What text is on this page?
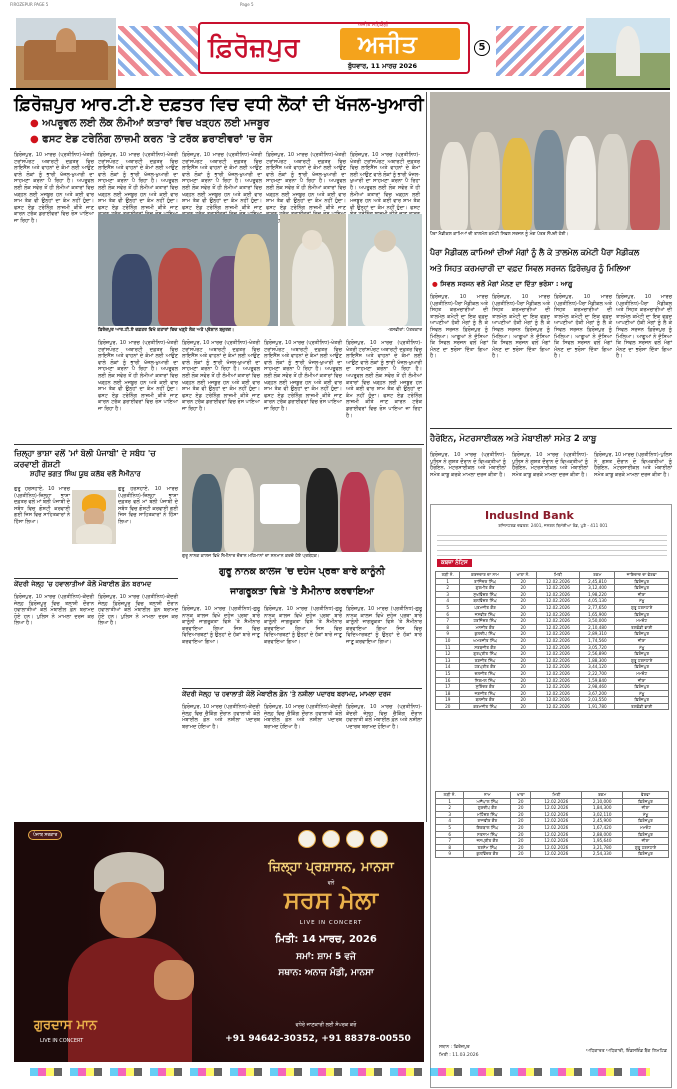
FIROZEPUR PAGE 5	Page 5
ਫ਼ਿਰੋਜ਼ਪੁਰ ਅਜੀਤ
ਅਜੀਤ ਸਹਿਯੋਗੀ
ਬੁੱਧਵਾਰ, 11 ਮਾਰਚ 2026
5
ਫ਼ਿਰੋਜ਼ਪੁਰ ਆਰ.ਟੀ.ਏ ਦਫ਼ਤਰ ਵਿਚ ਵਧੀ ਲੋਕਾਂ ਦੀ ਖੱਜਲ-ਖੁਆਰੀ
● ਅਪਰੂਵਲ ਲਈ ਲੋਕ ਲੰਮੀਆਂ ਕਤਾਰਾਂ ਵਿਚ ਖੜ੍ਹਨ ਲਈ ਮਜਬੂਰ
● ਫਸਟ ਏਡ ਟਰੇਨਿੰਗ ਲਾਜ਼ਮੀ ਕਰਨ 'ਤੇ ਟਰੱਕ ਡਰਾਈਵਰਾਂ 'ਚ ਰੋਸ
ਫ਼ਿਰੋਜ਼ਪੁਰ, 10 ਮਾਰਚ (ਪ੍ਰਤੀਨਿਧ)-ਖੇਤਰੀ ਟਰਾਂਸਪੋਰਟ ਅਥਾਰਟੀ ਦਫ਼ਤਰ ਵਿਚ ਲਾਇਸੈਂਸ ਅਤੇ ਵਾਹਨਾਂ ਦੇ ਕੰਮਾਂ ਲਈ ਆਉਣ ਵਾਲੇ ਲੋਕਾਂ ਨੂੰ ਭਾਰੀ ਖੱਜਲ-ਖੁਆਰੀ ਦਾ ਸਾਹਮਣਾ ਕਰਨਾ ਪੈ ਰਿਹਾ ਹੈ। ਅਪਰੂਵਲ ਲਈ ਲੋਕ ਸਵੇਰ ਤੋਂ ਹੀ ਲੰਮੀਆਂ ਕਤਾਰਾਂ ਵਿਚ ਖੜ੍ਹਨ ਲਈ ਮਜਬੂਰ ਹਨ ਅਤੇ ਕਈ ਵਾਰ ਸ਼ਾਮ ਤੱਕ ਵੀ ਉਨ੍ਹਾਂ ਦਾ ਕੰਮ ਨਹੀਂ ਹੁੰਦਾ। ਫਸਟ ਏਡ ਟਰੇਨਿੰਗ ਲਾਜ਼ਮੀ ਕੀਤੇ ਜਾਣ ਕਾਰਨ ਟਰੱਕ ਡਰਾਈਵਰਾਂ ਵਿਚ ਰੋਸ ਪਾਇਆ ਜਾ ਰਿਹਾ ਹੈ।
ਫ਼ਿਰੋਜ਼ਪੁਰ, 10 ਮਾਰਚ (ਪ੍ਰਤੀਨਿਧ)-ਖੇਤਰੀ ਟਰਾਂਸਪੋਰਟ ਅਥਾਰਟੀ ਦਫ਼ਤਰ ਵਿਚ ਲਾਇਸੈਂਸ ਅਤੇ ਵਾਹਨਾਂ ਦੇ ਕੰਮਾਂ ਲਈ ਆਉਣ ਵਾਲੇ ਲੋਕਾਂ ਨੂੰ ਭਾਰੀ ਖੱਜਲ-ਖੁਆਰੀ ਦਾ ਸਾਹਮਣਾ ਕਰਨਾ ਪੈ ਰਿਹਾ ਹੈ। ਅਪਰੂਵਲ ਲਈ ਲੋਕ ਸਵੇਰ ਤੋਂ ਹੀ ਲੰਮੀਆਂ ਕਤਾਰਾਂ ਵਿਚ ਖੜ੍ਹਨ ਲਈ ਮਜਬੂਰ ਹਨ ਅਤੇ ਕਈ ਵਾਰ ਸ਼ਾਮ ਤੱਕ ਵੀ ਉਨ੍ਹਾਂ ਦਾ ਕੰਮ ਨਹੀਂ ਹੁੰਦਾ। ਫਸਟ ਏਡ ਟਰੇਨਿੰਗ ਲਾਜ਼ਮੀ ਕੀਤੇ ਜਾਣ
ਫ਼ਿਰੋਜ਼ਪੁਰ, 10 ਮਾਰਚ (ਪ੍ਰਤੀਨਿਧ)-ਖੇਤਰੀ ਟਰਾਂਸਪੋਰਟ ਅਥਾਰਟੀ ਦਫ਼ਤਰ ਵਿਚ ਲਾਇਸੈਂਸ ਅਤੇ ਵਾਹਨਾਂ ਦੇ ਕੰਮਾਂ ਲਈ ਆਉਣ ਵਾਲੇ ਲੋਕਾਂ ਨੂੰ ਭਾਰੀ ਖੱਜਲ-ਖੁਆਰੀ ਦਾ ਸਾਹਮਣਾ ਕਰਨਾ ਪੈ ਰਿਹਾ ਹੈ। ਅਪਰੂਵਲ ਲਈ ਲੋਕ ਸਵੇਰ ਤੋਂ ਹੀ ਲੰਮੀਆਂ ਕਤਾਰਾਂ ਵਿਚ ਖੜ੍ਹਨ ਲਈ ਮਜਬੂਰ ਹਨ ਅਤੇ ਕਈ ਵਾਰ ਸ਼ਾਮ ਤੱਕ ਵੀ ਉਨ੍ਹਾਂ ਦਾ ਕੰਮ ਨਹੀਂ ਹੁੰਦਾ। ਫਸਟ ਏਡ ਟਰੇਨਿੰਗ ਲਾਜ਼ਮੀ ਕੀਤੇ ਜਾਣ
ਫ਼ਿਰੋਜ਼ਪੁਰ, 10 ਮਾਰਚ (ਪ੍ਰਤੀਨਿਧ)-ਖੇਤਰੀ ਟਰਾਂਸਪੋਰਟ ਅਥਾਰਟੀ ਦਫ਼ਤਰ ਵਿਚ ਲਾਇਸੈਂਸ ਅਤੇ ਵਾਹਨਾਂ ਦੇ ਕੰਮਾਂ ਲਈ ਆਉਣ ਵਾਲੇ ਲੋਕਾਂ ਨੂੰ ਭਾਰੀ ਖੱਜਲ-ਖੁਆਰੀ ਦਾ ਸਾਹਮਣਾ ਕਰਨਾ ਪੈ ਰਿਹਾ ਹੈ। ਅਪਰੂਵਲ ਲਈ ਲੋਕ ਸਵੇਰ ਤੋਂ ਹੀ ਲੰਮੀਆਂ ਕਤਾਰਾਂ ਵਿਚ ਖੜ੍ਹਨ ਲਈ ਮਜਬੂਰ ਹਨ ਅਤੇ ਕਈ ਵਾਰ ਸ਼ਾਮ ਤੱਕ ਵੀ ਉਨ੍ਹਾਂ ਦਾ ਕੰਮ ਨਹੀਂ ਹੁੰਦਾ। ਫਸਟ ਏਡ ਟਰੇਨਿੰਗ ਲਾਜ਼ਮੀ ਕੀਤੇ ਜਾਣ
ਫ਼ਿਰੋਜ਼ਪੁਰ, 10 ਮਾਰਚ (ਪ੍ਰਤੀਨਿਧ)-ਖੇਤਰੀ ਟਰਾਂਸਪੋਰਟ ਅਥਾਰਟੀ ਦਫ਼ਤਰ ਵਿਚ ਲਾਇਸੈਂਸ ਅਤੇ ਵਾਹਨਾਂ ਦੇ ਕੰਮਾਂ ਲਈ ਆਉਣ ਵਾਲੇ ਲੋਕਾਂ ਨੂੰ ਭਾਰੀ ਖੱਜਲ-ਖੁਆਰੀ ਦਾ ਸਾਹਮਣਾ ਕਰਨਾ ਪੈ ਰਿਹਾ ਹੈ। ਅਪਰੂਵਲ ਲਈ ਲੋਕ ਸਵੇਰ ਤੋਂ ਹੀ ਲੰਮੀਆਂ ਕਤਾਰਾਂ ਵਿਚ ਖੜ੍ਹਨ ਲਈ ਮਜਬੂਰ ਹਨ ਅਤੇ ਕਈ ਵਾਰ ਸ਼ਾਮ ਤੱਕ ਵੀ ਉਨ੍ਹਾਂ ਦਾ ਕੰਮ ਨਹੀਂ ਹੁੰਦਾ। ਫਸਟ
ਫ਼ਿਰੋਜ਼ਪੁਰ ਆਰ.ਟੀ.ਏ ਦਫ਼ਤਰ ਵਿਖੇ ਕਤਾਰਾਂ ਵਿਚ ਖੜ੍ਹੇ ਲੋਕ ਅਤੇ ਪ੍ਰੇਸ਼ਾਨ ਬਜ਼ੁਰਗ।	-ਤਸਵੀਰਾਂ: ਪੱਤਰਕਾਰ
ਫ਼ਿਰੋਜ਼ਪੁਰ, 10 ਮਾਰਚ (ਪ੍ਰਤੀਨਿਧ)-ਖੇਤਰੀ ਟਰਾਂਸਪੋਰਟ ਅਥਾਰਟੀ ਦਫ਼ਤਰ ਵਿਚ ਲਾਇਸੈਂਸ ਅਤੇ ਵਾਹਨਾਂ ਦੇ ਕੰਮਾਂ ਲਈ ਆਉਣ ਵਾਲੇ ਲੋਕਾਂ ਨੂੰ ਭਾਰੀ ਖੱਜਲ-ਖੁਆਰੀ ਦਾ ਸਾਹਮਣਾ ਕਰਨਾ ਪੈ ਰਿਹਾ ਹੈ। ਅਪਰੂਵਲ ਲਈ ਲੋਕ ਸਵੇਰ ਤੋਂ ਹੀ ਲੰਮੀਆਂ ਕਤਾਰਾਂ ਵਿਚ ਖੜ੍ਹਨ ਲਈ ਮਜਬੂਰ ਹਨ ਅਤੇ ਕਈ ਵਾਰ ਸ਼ਾਮ ਤੱਕ ਵੀ ਉਨ੍ਹਾਂ ਦਾ ਕੰਮ ਨਹੀਂ ਹੁੰਦਾ। ਫਸਟ ਏਡ ਟਰੇਨਿੰਗ ਲਾਜ਼ਮੀ ਕੀਤੇ ਜਾਣ ਕਾਰਨ ਟਰੱਕ ਡਰਾਈਵਰਾਂ ਵਿਚ ਰੋਸ ਪਾਇਆ ਜਾ ਰਿਹਾ ਹੈ।
ਫ਼ਿਰੋਜ਼ਪੁਰ, 10 ਮਾਰਚ (ਪ੍ਰਤੀਨਿਧ)-ਖੇਤਰੀ ਟਰਾਂਸਪੋਰਟ ਅਥਾਰਟੀ ਦਫ਼ਤਰ ਵਿਚ ਲਾਇਸੈਂਸ ਅਤੇ ਵਾਹਨਾਂ ਦੇ ਕੰਮਾਂ ਲਈ ਆਉਣ ਵਾਲੇ ਲੋਕਾਂ ਨੂੰ ਭਾਰੀ ਖੱਜਲ-ਖੁਆਰੀ ਦਾ ਸਾਹਮਣਾ ਕਰਨਾ ਪੈ ਰਿਹਾ ਹੈ। ਅਪਰੂਵਲ ਲਈ ਲੋਕ ਸਵੇਰ ਤੋਂ ਹੀ ਲੰਮੀਆਂ ਕਤਾਰਾਂ ਵਿਚ ਖੜ੍ਹਨ ਲਈ ਮਜਬੂਰ ਹਨ ਅਤੇ ਕਈ ਵਾਰ ਸ਼ਾਮ ਤੱਕ ਵੀ ਉਨ੍ਹਾਂ ਦਾ ਕੰਮ ਨਹੀਂ ਹੁੰਦਾ। ਫਸਟ ਏਡ ਟਰੇਨਿੰਗ ਲਾਜ਼ਮੀ ਕੀਤੇ ਜਾਣ ਕਾਰਨ ਟਰੱਕ ਡਰਾਈਵਰਾਂ ਵਿਚ ਰੋਸ ਪਾਇਆ ਜਾ ਰਿਹਾ ਹੈ।
ਫ਼ਿਰੋਜ਼ਪੁਰ, 10 ਮਾਰਚ (ਪ੍ਰਤੀਨਿਧ)-ਖੇਤਰੀ ਟਰਾਂਸਪੋਰਟ ਅਥਾਰਟੀ ਦਫ਼ਤਰ ਵਿਚ ਲਾਇਸੈਂਸ ਅਤੇ ਵਾਹਨਾਂ ਦੇ ਕੰਮਾਂ ਲਈ ਆਉਣ ਵਾਲੇ ਲੋਕਾਂ ਨੂੰ ਭਾਰੀ ਖੱਜਲ-ਖੁਆਰੀ ਦਾ ਸਾਹਮਣਾ ਕਰਨਾ ਪੈ ਰਿਹਾ ਹੈ। ਅਪਰੂਵਲ ਲਈ ਲੋਕ ਸਵੇਰ ਤੋਂ ਹੀ ਲੰਮੀਆਂ ਕਤਾਰਾਂ ਵਿਚ ਖੜ੍ਹਨ ਲਈ ਮਜਬੂਰ ਹਨ ਅਤੇ ਕਈ ਵਾਰ ਸ਼ਾਮ ਤੱਕ ਵੀ ਉਨ੍ਹਾਂ ਦਾ ਕੰਮ ਨਹੀਂ ਹੁੰਦਾ। ਫਸਟ ਏਡ ਟਰੇਨਿੰਗ ਲਾਜ਼ਮੀ ਕੀਤੇ ਜਾਣ ਕਾਰਨ ਟਰੱਕ ਡਰਾਈਵਰਾਂ ਵਿਚ ਰੋਸ ਪਾਇਆ ਜਾ ਰਿਹਾ ਹੈ।
ਫ਼ਿਰੋਜ਼ਪੁਰ, 10 ਮਾਰਚ (ਪ੍ਰਤੀਨਿਧ)-ਖੇਤਰੀ ਟਰਾਂਸਪੋਰਟ ਅਥਾਰਟੀ ਦਫ਼ਤਰ ਵਿਚ ਲਾਇਸੈਂਸ ਅਤੇ ਵਾਹਨਾਂ ਦੇ ਕੰਮਾਂ ਲਈ ਆਉਣ ਵਾਲੇ ਲੋਕਾਂ ਨੂੰ ਭਾਰੀ ਖੱਜਲ-ਖੁਆਰੀ ਦਾ ਸਾਹਮਣਾ ਕਰਨਾ ਪੈ ਰਿਹਾ ਹੈ। ਅਪਰੂਵਲ ਲਈ ਲੋਕ ਸਵੇਰ ਤੋਂ ਹੀ ਲੰਮੀਆਂ ਕਤਾਰਾਂ ਵਿਚ ਖੜ੍ਹਨ ਲਈ ਮਜਬੂਰ ਹਨ ਅਤੇ ਕਈ ਵਾਰ ਸ਼ਾਮ ਤੱਕ ਵੀ ਉਨ੍ਹਾਂ ਦਾ ਕੰਮ ਨਹੀਂ ਹੁੰਦਾ। ਫਸਟ ਏਡ ਟਰੇਨਿੰਗ ਲਾਜ਼ਮੀ ਕੀਤੇ ਜਾਣ ਕਾਰਨ ਟਰੱਕ ਡਰਾਈਵਰਾਂ ਵਿਚ ਰੋਸ ਪਾਇਆ ਜਾ ਰਿਹਾ ਹੈ।
ਪੈਰਾ ਮੈਡੀਕਲ ਕਾਮਿਆਂ ਦੀ ਤਾਲਮੇਲ ਕਮੇਟੀ ਸਿਵਲ ਸਰਜਨ ਨੂੰ ਮੰਗ ਪੱਤਰ ਸੌਂਪਦੀ ਹੋਈ।
ਪੈਰਾ ਮੈਡੀਕਲ ਕਾਮਿਆਂ ਦੀਆਂ ਮੰਗਾਂ ਨੂੰ ਲੈ ਕੇ ਤਾਲਮੇਲ ਕਮੇਟੀ ਪੈਰਾ ਮੈਡੀਕਲ
ਅਤੇ ਸਿਹਤ ਕਰਮਚਾਰੀ ਦਾ ਵਫ਼ਦ ਸਿਵਲ ਸਰਜਨ ਫ਼ਿਰੋਜ਼ਪੁਰ ਨੂੰ ਮਿਲਿਆ
● ਸਿਵਲ ਸਰਜਨ ਵਲੋਂ ਮੰਗਾਂ ਮੰਨਣ ਦਾ ਦਿੱਤਾ ਭਰੋਸਾ : ਆਗੂ
ਫ਼ਿਰੋਜ਼ਪੁਰ, 10 ਮਾਰਚ (ਪ੍ਰਤੀਨਿਧ)-ਪੈਰਾ ਮੈਡੀਕਲ ਅਤੇ ਸਿਹਤ ਕਰਮਚਾਰੀਆਂ ਦੀ ਤਾਲਮੇਲ ਕਮੇਟੀ ਦਾ ਇਕ ਵਫ਼ਦ ਆਪਣੀਆਂ ਹੱਕੀ ਮੰਗਾਂ ਨੂੰ ਲੈ ਕੇ ਸਿਵਲ ਸਰਜਨ ਫ਼ਿਰੋਜ਼ਪੁਰ ਨੂੰ ਮਿਲਿਆ। ਆਗੂਆਂ ਨੇ ਦੱਸਿਆ ਕਿ ਸਿਵਲ ਸਰਜਨ ਵਲੋਂ ਮੰਗਾਂ ਮੰਨਣ ਦਾ ਭਰੋਸਾ ਦਿੱਤਾ ਗਿਆ ਹੈ।
ਫ਼ਿਰੋਜ਼ਪੁਰ, 10 ਮਾਰਚ (ਪ੍ਰਤੀਨਿਧ)-ਪੈਰਾ ਮੈਡੀਕਲ ਅਤੇ ਸਿਹਤ ਕਰਮਚਾਰੀਆਂ ਦੀ ਤਾਲਮੇਲ ਕਮੇਟੀ ਦਾ ਇਕ ਵਫ਼ਦ ਆਪਣੀਆਂ ਹੱਕੀ ਮੰਗਾਂ ਨੂੰ ਲੈ ਕੇ ਸਿਵਲ ਸਰਜਨ ਫ਼ਿਰੋਜ਼ਪੁਰ ਨੂੰ ਮਿਲਿਆ। ਆਗੂਆਂ ਨੇ ਦੱਸਿਆ ਕਿ ਸਿਵਲ ਸਰਜਨ ਵਲੋਂ ਮੰਗਾਂ ਮੰਨਣ ਦਾ ਭਰੋਸਾ ਦਿੱਤਾ ਗਿਆ ਹੈ।
ਫ਼ਿਰੋਜ਼ਪੁਰ, 10 ਮਾਰਚ (ਪ੍ਰਤੀਨਿਧ)-ਪੈਰਾ ਮੈਡੀਕਲ ਅਤੇ ਸਿਹਤ ਕਰਮਚਾਰੀਆਂ ਦੀ ਤਾਲਮੇਲ ਕਮੇਟੀ ਦਾ ਇਕ ਵਫ਼ਦ ਆਪਣੀਆਂ ਹੱਕੀ ਮੰਗਾਂ ਨੂੰ ਲੈ ਕੇ ਸਿਵਲ ਸਰਜਨ ਫ਼ਿਰੋਜ਼ਪੁਰ ਨੂੰ ਮਿਲਿਆ। ਆਗੂਆਂ ਨੇ ਦੱਸਿਆ ਕਿ ਸਿਵਲ ਸਰਜਨ ਵਲੋਂ ਮੰਗਾਂ ਮੰਨਣ ਦਾ ਭਰੋਸਾ ਦਿੱਤਾ ਗਿਆ ਹੈ।
ਫ਼ਿਰੋਜ਼ਪੁਰ, 10 ਮਾਰਚ (ਪ੍ਰਤੀਨਿਧ)-ਪੈਰਾ ਮੈਡੀਕਲ ਅਤੇ ਸਿਹਤ ਕਰਮਚਾਰੀਆਂ ਦੀ ਤਾਲਮੇਲ ਕਮੇਟੀ ਦਾ ਇਕ ਵਫ਼ਦ ਆਪਣੀਆਂ ਹੱਕੀ ਮੰਗਾਂ ਨੂੰ ਲੈ ਕੇ ਸਿਵਲ ਸਰਜਨ ਫ਼ਿਰੋਜ਼ਪੁਰ ਨੂੰ ਮਿਲਿਆ। ਆਗੂਆਂ ਨੇ ਦੱਸਿਆ ਕਿ ਸਿਵਲ ਸਰਜਨ ਵਲੋਂ ਮੰਗਾਂ ਮੰਨਣ ਦਾ ਭਰੋਸਾ ਦਿੱਤਾ ਗਿਆ ਹੈ।
ਹੈਰੋਇਨ, ਮੋਟਰਸਾਈਕਲ ਅਤੇ ਮੋਬਾਈਲਾਂ ਸਮੇਤ 2 ਕਾਬੂ
ਫ਼ਿਰੋਜ਼ਪੁਰ, 10 ਮਾਰਚ (ਪ੍ਰਤੀਨਿਧ)-ਪੁਲਿਸ ਨੇ ਗਸ਼ਤ ਦੌਰਾਨ ਦੋ ਵਿਅਕਤੀਆਂ ਨੂੰ ਹੈਰੋਇਨ, ਮੋਟਰਸਾਈਕਲ ਅਤੇ ਮੋਬਾਈਲਾਂ ਸਮੇਤ ਕਾਬੂ ਕਰਕੇ ਮਾਮਲਾ ਦਰਜ ਕੀਤਾ ਹੈ।
ਫ਼ਿਰੋਜ਼ਪੁਰ, 10 ਮਾਰਚ (ਪ੍ਰਤੀਨਿਧ)-ਪੁਲਿਸ ਨੇ ਗਸ਼ਤ ਦੌਰਾਨ ਦੋ ਵਿਅਕਤੀਆਂ ਨੂੰ ਹੈਰੋਇਨ, ਮੋਟਰਸਾਈਕਲ ਅਤੇ ਮੋਬਾਈਲਾਂ ਸਮੇਤ ਕਾਬੂ ਕਰਕੇ ਮਾਮਲਾ ਦਰਜ ਕੀਤਾ ਹੈ।
ਫ਼ਿਰੋਜ਼ਪੁਰ, 10 ਮਾਰਚ (ਪ੍ਰਤੀਨਿਧ)-ਪੁਲਿਸ ਨੇ ਗਸ਼ਤ ਦੌਰਾਨ ਦੋ ਵਿਅਕਤੀਆਂ ਨੂੰ ਹੈਰੋਇਨ, ਮੋਟਰਸਾਈਕਲ ਅਤੇ ਮੋਬਾਈਲਾਂ ਸਮੇਤ ਕਾਬੂ ਕਰਕੇ ਮਾਮਲਾ ਦਰਜ ਕੀਤਾ ਹੈ।
IndusInd Bank
ਰਜਿਸਟਰਡ ਦਫ਼ਤਰ: 2401, ਜਨਰਲ ਥਿਮੱਈਆ ਰੋਡ, ਪੁਣੇ - 411 001
ਕਬਜ਼ਾ ਨੋਟਿਸ
ਲੜੀ ਨੰ.	ਕਰਜ਼ਦਾਰ ਦਾ ਨਾਮ	ਖਾਤਾ ਨੰ.	ਮਿਤੀ	ਰਕਮ	ਜਾਇਦਾਦ ਦਾ ਵੇਰਵਾ
1	ਰਾਜਿੰਦਰ ਸਿੰਘ	20	12.02.2026	2,45,810	ਫ਼ਿਰੋਜ਼ਪੁਰ
2	ਗੁਰਮੀਤ ਕੌਰ	20	12.02.2026	3,12,400	ਫ਼ਿਰੋਜ਼ਪੁਰ
3	ਸੁਖਵਿੰਦਰ ਸਿੰਘ	20	12.02.2026	1,98,220	ਜ਼ੀਰਾ
4	ਬਲਵਿੰਦਰ ਸਿੰਘ	20	12.02.2026	4,05,130	ਮੱਖੂ
5	ਪਰਮਜੀਤ ਕੌਰ	20	12.02.2026	2,77,650	ਗੁਰੂ ਹਰਸਹਾਏ
6	ਜਸਵੀਰ ਸਿੰਘ	20	12.02.2026	1,65,900	ਫ਼ਿਰੋਜ਼ਪੁਰ
7	ਹਰਜਿੰਦਰ ਸਿੰਘ	20	12.02.2026	3,50,000	ਮਮਦੋਟ
8	ਮਨਜੀਤ ਕੌਰ	20	12.02.2026	2,10,480	ਤਲਵੰਡੀ ਭਾਈ
9	ਕੁਲਦੀਪ ਸਿੰਘ	20	12.02.2026	2,89,310	ਫ਼ਿਰੋਜ਼ਪੁਰ
10	ਅਮਰਜੀਤ ਸਿੰਘ	20	12.02.2026	1,74,560	ਜ਼ੀਰਾ
11	ਸਰਬਜੀਤ ਕੌਰ	20	12.02.2026	3,05,720	ਮੱਖੂ
12	ਗੁਰਪ੍ਰੀਤ ਸਿੰਘ	20	12.02.2026	2,56,890	ਫ਼ਿਰੋਜ਼ਪੁਰ
13	ਰਣਜੀਤ ਸਿੰਘ	20	12.02.2026	1,88,300	ਗੁਰੂ ਹਰਸਹਾਏ
14	ਹਰਪ੍ਰੀਤ ਕੌਰ	20	12.02.2026	3,44,120	ਫ਼ਿਰੋਜ਼ਪੁਰ
15	ਦਲਜੀਤ ਸਿੰਘ	20	12.02.2026	2,22,700	ਮਮਦੋਟ
16	ਨਿਰਮਲ ਸਿੰਘ	20	12.02.2026	1,59,840	ਜ਼ੀਰਾ
17	ਸੁਰਿੰਦਰ ਕੌਰ	20	12.02.2026	2,98,460	ਫ਼ਿਰੋਜ਼ਪੁਰ
18	ਜਗਜੀਤ ਸਿੰਘ	20	12.02.2026	3,67,200	ਮੱਖੂ
19	ਬਲਜੀਤ ਕੌਰ	20	12.02.2026	2,03,550	ਫ਼ਿਰੋਜ਼ਪੁਰ
20	ਕਰਮਜੀਤ ਸਿੰਘ	20	12.02.2026	1,91,780	ਤਲਵੰਡੀ ਭਾਈ
ਲੜੀ ਨੰ.	ਨਾਮ	ਖਾਤਾ	ਮਿਤੀ	ਰਕਮ	ਵੇਰਵਾ
1	ਅਜੈਪਾਲ ਸਿੰਘ	20	12.02.2026	2,10,000	ਫ਼ਿਰੋਜ਼ਪੁਰ
2	ਗੁਰਦੀਪ ਕੌਰ	20	12.02.2026	1,84,300	ਜ਼ੀਰਾ
3	ਮਹਿੰਦਰ ਸਿੰਘ	20	12.02.2026	3,02,110	ਮੱਖੂ
4	ਰਾਜਵੀਰ ਕੌਰ	20	12.02.2026	2,45,900	ਫ਼ਿਰੋਜ਼ਪੁਰ
5	ਇਕਬਾਲ ਸਿੰਘ	20	12.02.2026	1,67,420	ਮਮਦੋਟ
6	ਸਤਨਾਮ ਸਿੰਘ	20	12.02.2026	2,88,000	ਫ਼ਿਰੋਜ਼ਪੁਰ
7	ਜਸਪ੍ਰੀਤ ਕੌਰ	20	12.02.2026	1,95,640	ਜ਼ੀਰਾ
8	ਤਰਸੇਮ ਸਿੰਘ	20	12.02.2026	3,21,780	ਗੁਰੂ ਹਰਸਹਾਏ
9	ਕੁਲਵਿੰਦਰ ਕੌਰ	20	12.02.2026	2,54,330	ਫ਼ਿਰੋਜ਼ਪੁਰ
ਸਥਾਨ : ਫ਼ਿਰੋਜ਼ਪੁਰ
ਮਿਤੀ : 11.03.2026
ਅਧਿਕਾਰਤ ਅਧਿਕਾਰੀ, ਇੰਡਸਇੰਡ ਬੈਂਕ ਲਿਮਟਿਡ
ਜ਼ਿਲ੍ਹਾ ਭਾਸ਼ਾ ਵਲੋਂ 'ਮਾਂ ਬੋਲੀ ਪੰਜਾਬੀ' ਦੇ ਸਬੰਧ 'ਚ ਕਰਵਾਈ ਗੋਸ਼ਟੀ
ਸ਼ਹੀਦ ਭਗਤ ਸਿੰਘ ਯੂਥ ਕਲੱਬ ਵਲੋਂ ਸੈਮੀਨਾਰ
ਗੁਰੂ ਹਰਸਹਾਏ, 10 ਮਾਰਚ (ਪ੍ਰਤੀਨਿਧ)-ਜ਼ਿਲ੍ਹਾ ਭਾਸ਼ਾ ਦਫ਼ਤਰ ਵਲੋਂ ਮਾਂ ਬੋਲੀ ਪੰਜਾਬੀ ਦੇ ਸਬੰਧ ਵਿਚ ਗੋਸ਼ਟੀ ਕਰਵਾਈ ਗਈ ਜਿਸ ਵਿਚ ਸਾਹਿਤਕਾਰਾਂ ਨੇ ਹਿੱਸਾ ਲਿਆ।
ਗੁਰੂ ਹਰਸਹਾਏ, 10 ਮਾਰਚ (ਪ੍ਰਤੀਨਿਧ)-ਜ਼ਿਲ੍ਹਾ ਭਾਸ਼ਾ ਦਫ਼ਤਰ ਵਲੋਂ ਮਾਂ ਬੋਲੀ ਪੰਜਾਬੀ ਦੇ ਸਬੰਧ ਵਿਚ ਗੋਸ਼ਟੀ ਕਰਵਾਈ ਗਈ ਜਿਸ ਵਿਚ ਸਾਹਿਤਕਾਰਾਂ ਨੇ ਹਿੱਸਾ ਲਿਆ।
ਗੁਰੂ ਨਾਨਕ ਕਾਲਜ ਵਿਖੇ ਸੈਮੀਨਾਰ ਦੌਰਾਨ ਮਹਿਮਾਨਾਂ ਦਾ ਸਨਮਾਨ ਕਰਦੇ ਹੋਏ ਪ੍ਰਬੰਧਕ।
ਗੁਰੂ ਨਾਨਕ ਕਾਲਜ 'ਚ ਦਹੇਜ ਪ੍ਰਥਾ ਬਾਰੇ ਕਾਨੂੰਨੀ
ਜਾਗਰੂਕਤਾ ਵਿਸ਼ੇ 'ਤੇ ਸੈਮੀਨਾਰ ਕਰਵਾਇਆ
ਕੇਂਦਰੀ ਜੇਲ੍ਹ 'ਚ ਹਵਾਲਾਤੀਆਂ ਕੋਲੋਂ ਮੋਬਾਈਲ ਫ਼ੋਨ ਬਰਾਮਦ
ਫ਼ਿਰੋਜ਼ਪੁਰ, 10 ਮਾਰਚ (ਪ੍ਰਤੀਨਿਧ)-ਕੇਂਦਰੀ ਜੇਲ੍ਹ ਫ਼ਿਰੋਜ਼ਪੁਰ ਵਿਚ ਤਲਾਸ਼ੀ ਦੌਰਾਨ ਹਵਾਲਾਤੀਆਂ ਕੋਲੋਂ ਮੋਬਾਈਲ ਫ਼ੋਨ ਬਰਾਮਦ ਹੋਏ ਹਨ। ਪੁਲਿਸ ਨੇ ਮਾਮਲਾ ਦਰਜ ਕਰ ਲਿਆ ਹੈ।
ਫ਼ਿਰੋਜ਼ਪੁਰ, 10 ਮਾਰਚ (ਪ੍ਰਤੀਨਿਧ)-ਕੇਂਦਰੀ ਜੇਲ੍ਹ ਫ਼ਿਰੋਜ਼ਪੁਰ ਵਿਚ ਤਲਾਸ਼ੀ ਦੌਰਾਨ ਹਵਾਲਾਤੀਆਂ ਕੋਲੋਂ ਮੋਬਾਈਲ ਫ਼ੋਨ ਬਰਾਮਦ ਹੋਏ ਹਨ। ਪੁਲਿਸ ਨੇ ਮਾਮਲਾ ਦਰਜ ਕਰ ਲਿਆ ਹੈ।
ਫ਼ਿਰੋਜ਼ਪੁਰ, 10 ਮਾਰਚ (ਪ੍ਰਤੀਨਿਧ)-ਗੁਰੂ ਨਾਨਕ ਕਾਲਜ ਵਿਖੇ ਦਹੇਜ ਪ੍ਰਥਾ ਬਾਰੇ ਕਾਨੂੰਨੀ ਜਾਗਰੂਕਤਾ ਵਿਸ਼ੇ 'ਤੇ ਸੈਮੀਨਾਰ ਕਰਵਾਇਆ ਗਿਆ ਜਿਸ ਵਿਚ ਵਿਦਿਆਰਥਣਾਂ ਨੂੰ ਉਨ੍ਹਾਂ ਦੇ ਹੱਕਾਂ ਬਾਰੇ ਜਾਣੂ ਕਰਵਾਇਆ ਗਿਆ।
ਫ਼ਿਰੋਜ਼ਪੁਰ, 10 ਮਾਰਚ (ਪ੍ਰਤੀਨਿਧ)-ਗੁਰੂ ਨਾਨਕ ਕਾਲਜ ਵਿਖੇ ਦਹੇਜ ਪ੍ਰਥਾ ਬਾਰੇ ਕਾਨੂੰਨੀ ਜਾਗਰੂਕਤਾ ਵਿਸ਼ੇ 'ਤੇ ਸੈਮੀਨਾਰ ਕਰਵਾਇਆ ਗਿਆ ਜਿਸ ਵਿਚ ਵਿਦਿਆਰਥਣਾਂ ਨੂੰ ਉਨ੍ਹਾਂ ਦੇ ਹੱਕਾਂ ਬਾਰੇ ਜਾਣੂ ਕਰਵਾਇਆ ਗਿਆ।
ਫ਼ਿਰੋਜ਼ਪੁਰ, 10 ਮਾਰਚ (ਪ੍ਰਤੀਨਿਧ)-ਗੁਰੂ ਨਾਨਕ ਕਾਲਜ ਵਿਖੇ ਦਹੇਜ ਪ੍ਰਥਾ ਬਾਰੇ ਕਾਨੂੰਨੀ ਜਾਗਰੂਕਤਾ ਵਿਸ਼ੇ 'ਤੇ ਸੈਮੀਨਾਰ ਕਰਵਾਇਆ ਗਿਆ ਜਿਸ ਵਿਚ ਵਿਦਿਆਰਥਣਾਂ ਨੂੰ ਉਨ੍ਹਾਂ ਦੇ ਹੱਕਾਂ ਬਾਰੇ ਜਾਣੂ ਕਰਵਾਇਆ ਗਿਆ।
ਕੇਂਦਰੀ ਜੇਲ੍ਹ 'ਚ ਹਵਾਲਾਤੀ ਕੋਲੋਂ ਮੋਬਾਈਲ ਫ਼ੋਨ 'ਤੇ ਨਸ਼ੀਲਾ ਪਦਾਰਥ ਬਰਾਮਦ, ਮਾਮਲਾ ਦਰਜ
ਫ਼ਿਰੋਜ਼ਪੁਰ, 10 ਮਾਰਚ (ਪ੍ਰਤੀਨਿਧ)-ਕੇਂਦਰੀ ਜੇਲ੍ਹ ਵਿਚ ਚੈਕਿੰਗ ਦੌਰਾਨ ਹਵਾਲਾਤੀ ਕੋਲੋਂ ਮੋਬਾਈਲ ਫ਼ੋਨ ਅਤੇ ਨਸ਼ੀਲਾ ਪਦਾਰਥ ਬਰਾਮਦ ਹੋਇਆ ਹੈ।
ਫ਼ਿਰੋਜ਼ਪੁਰ, 10 ਮਾਰਚ (ਪ੍ਰਤੀਨਿਧ)-ਕੇਂਦਰੀ ਜੇਲ੍ਹ ਵਿਚ ਚੈਕਿੰਗ ਦੌਰਾਨ ਹਵਾਲਾਤੀ ਕੋਲੋਂ ਮੋਬਾਈਲ ਫ਼ੋਨ ਅਤੇ ਨਸ਼ੀਲਾ ਪਦਾਰਥ ਬਰਾਮਦ ਹੋਇਆ ਹੈ।
ਫ਼ਿਰੋਜ਼ਪੁਰ, 10 ਮਾਰਚ (ਪ੍ਰਤੀਨਿਧ)-ਕੇਂਦਰੀ ਜੇਲ੍ਹ ਵਿਚ ਚੈਕਿੰਗ ਦੌਰਾਨ ਹਵਾਲਾਤੀ ਕੋਲੋਂ ਮੋਬਾਈਲ ਫ਼ੋਨ ਅਤੇ ਨਸ਼ੀਲਾ ਪਦਾਰਥ ਬਰਾਮਦ ਹੋਇਆ ਹੈ।
ਪੰਜਾਬ ਸਰਕਾਰ
ਜ਼ਿਲ੍ਹਾ ਪ੍ਰਸ਼ਾਸਨ, ਮਾਨਸਾ
ਵਲੋਂ
ਸਰਸ ਮੇਲਾ
LIVE IN CONCERT
ਮਿਤੀ: 14 ਮਾਰਚ, 2026
ਸਮਾਂ: ਸ਼ਾਮ 5 ਵਜੇ
ਸਥਾਨ: ਅਨਾਜ ਮੰਡੀ, ਮਾਨਸਾ
ਗੁਰਦਾਸ ਮਾਨ
LIVE IN CONCERT
ਵਧੇਰੇ ਜਾਣਕਾਰੀ ਲਈ ਸੰਪਰਕ ਕਰੋ
+91 94642-30352, +91 88378-00550
